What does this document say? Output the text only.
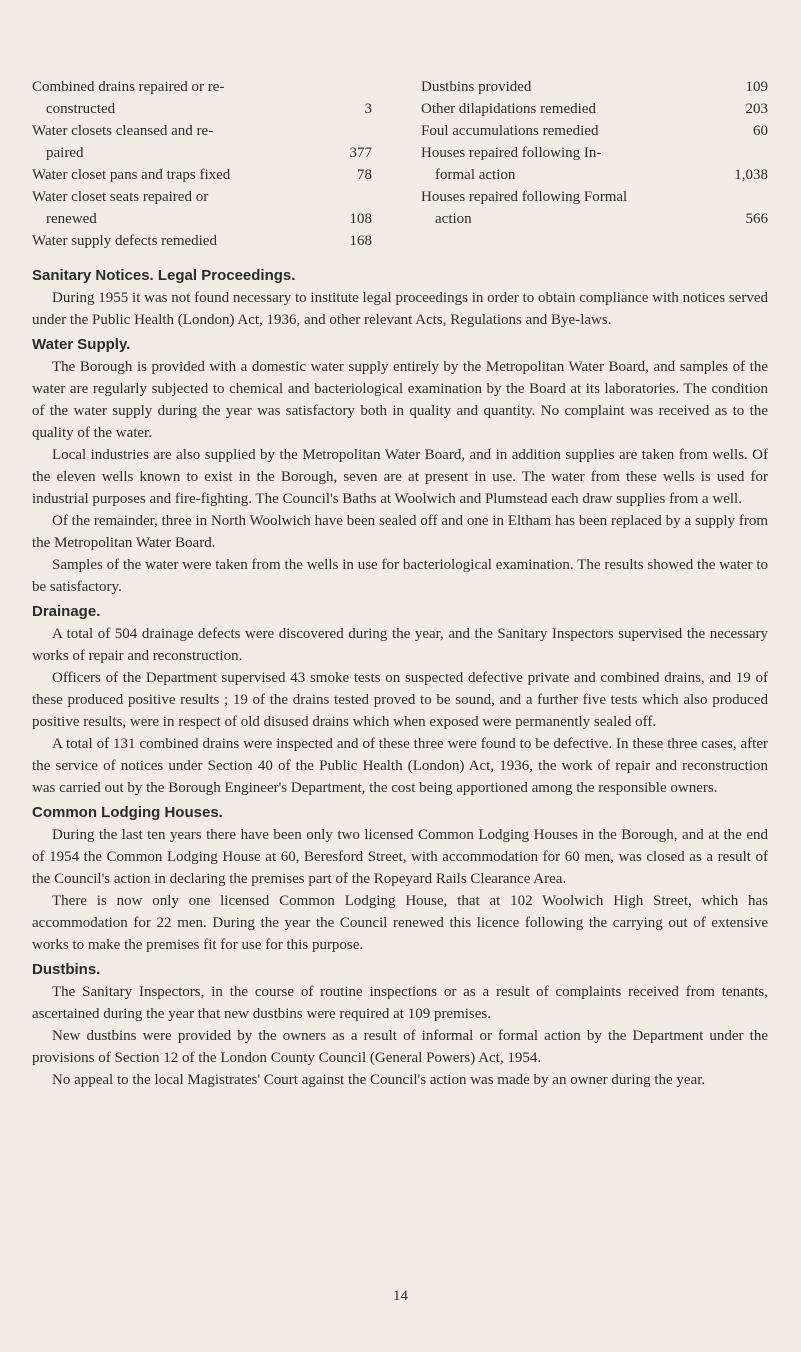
Combined drains repaired or re-
constructed	3
Water closets cleansed and re-
paired	377
Water closet pans and traps fixed	78
Water closet seats repaired or
renewed	108
Water supply defects remedied	168
Dustbins provided	109
Other dilapidations remedied	203
Foul accumulations remedied	60
Houses repaired following In-
formal action	1,038
Houses repaired following Formal
action	566
Sanitary Notices. Legal Proceedings.

During 1955 it was not found necessary to institute legal proceedings in order to obtain compliance with notices served under the Public Health (London) Act, 1936, and other relevant Acts, Regulations and Bye-laws.

Water Supply.

The Borough is provided with a domestic water supply entirely by the Metropolitan Water Board, and samples of the water are regularly subjected to chemical and bacteriological examination by the Board at its laboratories. The condition of the water supply during the year was satisfactory both in quality and quantity. No complaint was received as to the quality of the water.

Local industries are also supplied by the Metropolitan Water Board, and in addition supplies are taken from wells. Of the eleven wells known to exist in the Borough, seven are at present in use. The water from these wells is used for industrial purposes and fire-fighting. The Council's Baths at Woolwich and Plumstead each draw supplies from a well.

Of the remainder, three in North Woolwich have been sealed off and one in Eltham has been replaced by a supply from the Metropolitan Water Board.

Samples of the water were taken from the wells in use for bacteriological examination. The results showed the water to be satisfactory.

Drainage.

A total of 504 drainage defects were discovered during the year, and the Sanitary Inspectors supervised the necessary works of repair and reconstruction.

Officers of the Department supervised 43 smoke tests on suspected defective private and combined drains, and 19 of these produced positive results ; 19 of the drains tested proved to be sound, and a further five tests which also produced positive results, were in respect of old disused drains which when exposed were permanently sealed off.

A total of 131 combined drains were inspected and of these three were found to be defective. In these three cases, after the service of notices under Section 40 of the Public Health (London) Act, 1936, the work of repair and reconstruction was carried out by the Borough Engineer's Department, the cost being apportioned among the responsible owners.

Common Lodging Houses.

During the last ten years there have been only two licensed Common Lodging Houses in the Borough, and at the end of 1954 the Common Lodging House at 60, Beresford Street, with accommodation for 60 men, was closed as a result of the Council's action in declaring the premises part of the Ropeyard Rails Clearance Area.

There is now only one licensed Common Lodging House, that at 102 Woolwich High Street, which has accommodation for 22 men. During the year the Council renewed this licence following the carrying out of extensive works to make the premises fit for use for this purpose.

Dustbins.

The Sanitary Inspectors, in the course of routine inspections or as a result of complaints received from tenants, ascertained during the year that new dustbins were required at 109 premises.

New dustbins were provided by the owners as a result of informal or formal action by the Department under the provisions of Section 12 of the London County Council (General Powers) Act, 1954.

No appeal to the local Magistrates' Court against the Council's action was made by an owner during the year.

14
